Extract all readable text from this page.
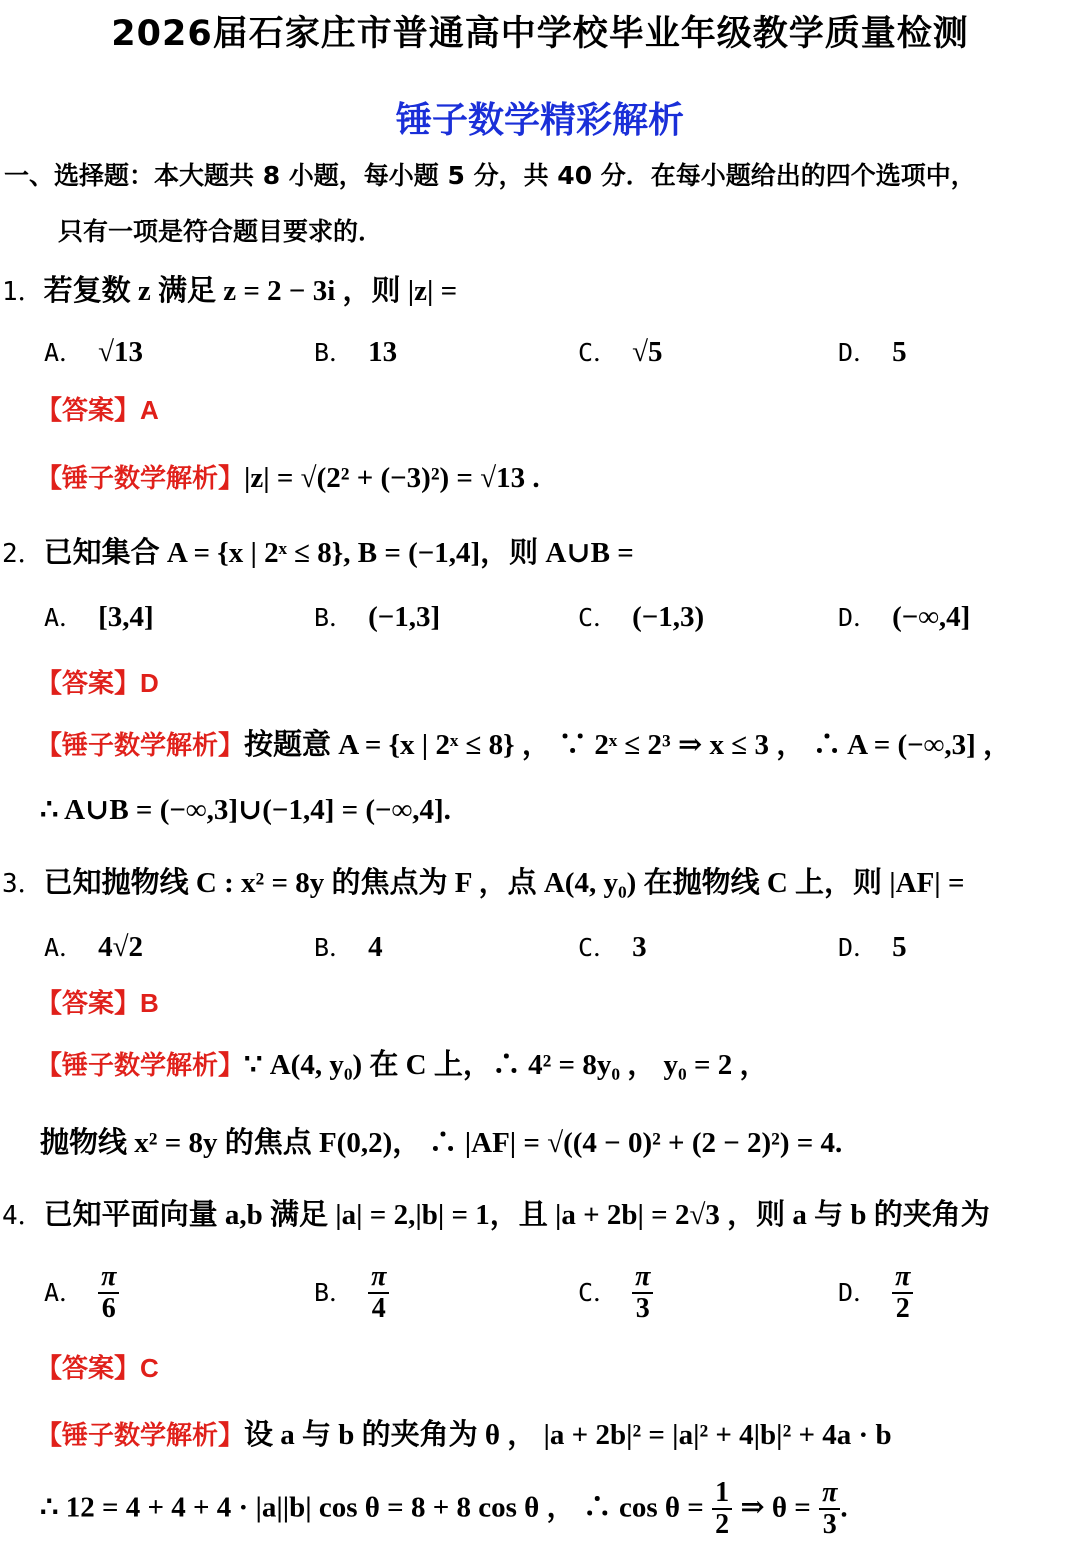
2026届石家庄市普通高中学校毕业年级教学质量检测
锤子数学精彩解析
一、选择题：本大题共 8 小题，每小题 5 分，共 40 分．在每小题给出的四个选项中，
只有一项是符合题目要求的．
1．若复数 z 满足 z = 2 − 3i ，则 |z| =
A． √13	B． 13	C． √5	D． 5
【答案】A
【锤子数学解析】|z| = √(2² + (−3)²) = √13 .
2．已知集合 A = {x | 2ˣ ≤ 8}, B = (−1,4]，则 A∪B =
A． [3,4]	B． (−1,3]	C． (−1,3)	D． (−∞,4]
【答案】D
【锤子数学解析】按题意 A = {x | 2ˣ ≤ 8} ， ∵ 2ˣ ≤ 2³ ⇒ x ≤ 3 ， ∴ A = (−∞,3] ，
∴ A∪B = (−∞,3]∪(−1,4] = (−∞,4].
3．已知抛物线 C : x² = 8y 的焦点为 F ，点 A(4, y₀) 在抛物线 C 上，则 |AF| =
A． 4√2	B． 4	C． 3	D． 5
【答案】B
【锤子数学解析】∵ A(4, y₀) 在 C 上，∴ 4² = 8y₀ ， y₀ = 2 ，
抛物线 x² = 8y 的焦点 F(0,2)， ∴ |AF| = √((4 − 0)² + (2 − 2)²) = 4.
4．已知平面向量 a,b 满足 |a| = 2,|b| = 1，且 |a + 2b| = 2√3 ，则 a 与 b 的夹角为
A． $\frac{\pi}{6}$	B． $\frac{\pi}{4}$	C． $\frac{\pi}{3}$	D． $\frac{\pi}{2}$
【答案】C
【锤子数学解析】设 a 与 b 的夹角为 θ ， |a + 2b|² = |a|² + 4|b|² + 4a · b
∴ 12 = 4 + 4 + 4 · |a||b| cos θ = 8 + 8 cos θ ， ∴ $\cos \theta = \frac{1}{2}$ ⇒ $\theta = \frac{\pi}{3}$ .
